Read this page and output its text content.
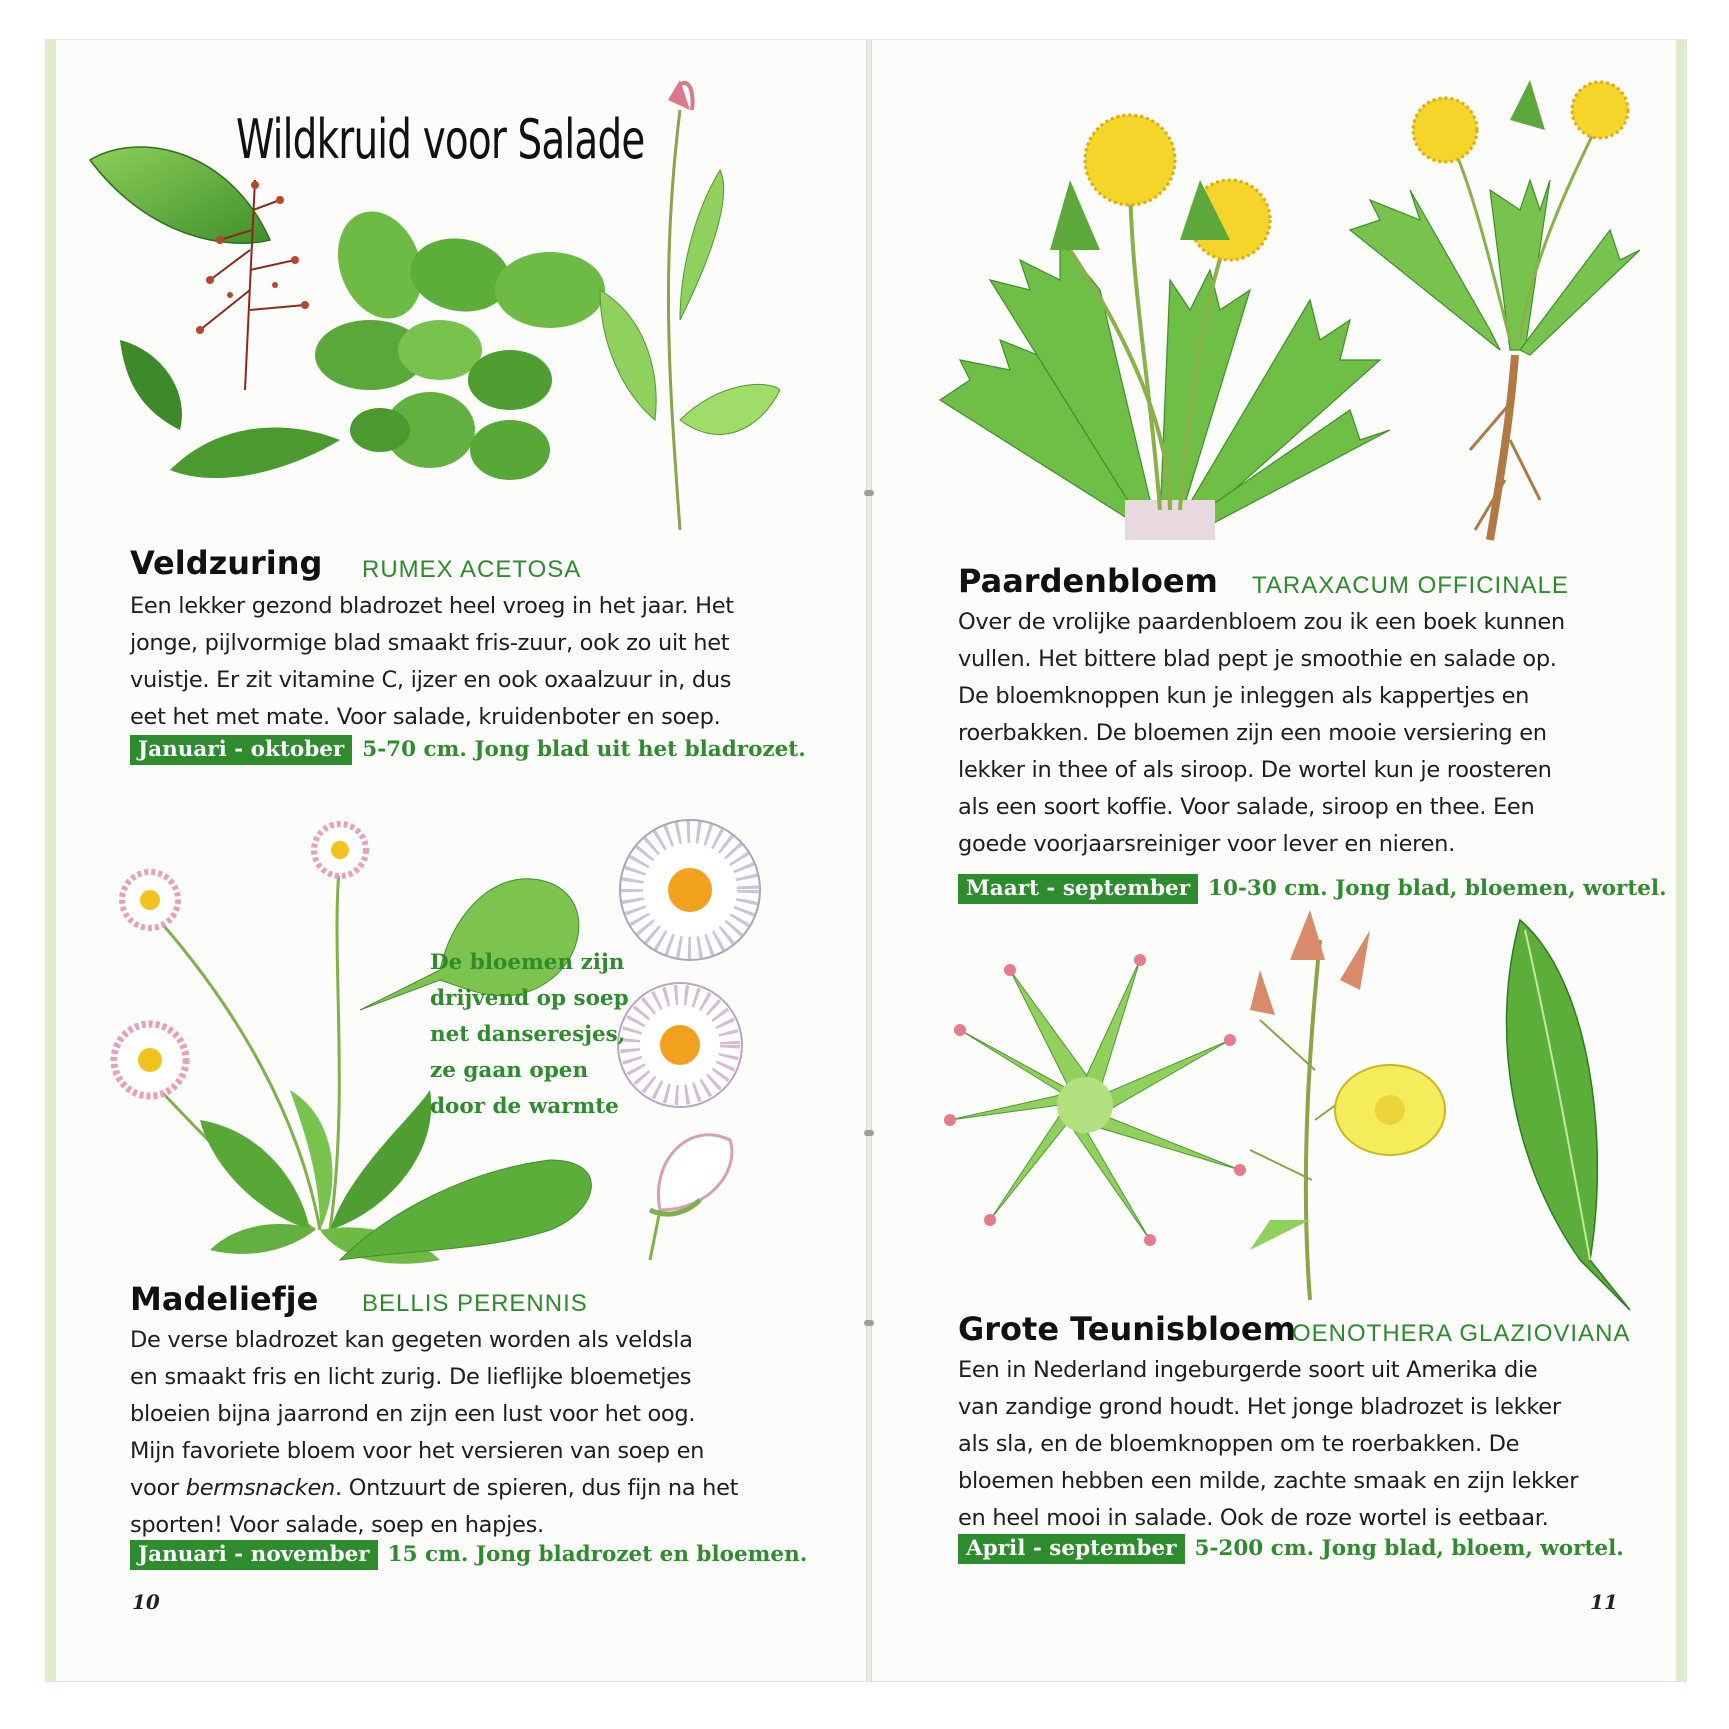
Wildkruid voor Salade
Veldzuring RUMEX ACETOSA

Een lekker gezond bladrozet heel vroeg in het jaar. Het

jonge, pijlvormige blad smaakt fris-zuur, ook zo uit het

vuistje. Er zit vitamine C, ijzer en ook oxaalzuur in, dus

eet het met mate. Voor salade, kruidenboter en soep.

Januari - oktober 5-70 cm. Jong blad uit het bladrozet.

De bloemen zijn

drijvend op soep

net danseresjes,

ze gaan open

door de warmte

Madeliefje BELLIS PERENNIS

De verse bladrozet kan gegeten worden als veldsla

en smaakt fris en licht zurig. De lieflijke bloemetjes

bloeien bijna jaarrond en zijn een lust voor het oog.

Mijn favoriete bloem voor het versieren van soep en

voor bermsnacken. Ontzuurt de spieren, dus fijn na het

sporten! Voor salade, soep en hapjes.

Januari - november 15 cm. Jong bladrozet en bloemen.
10
Paardenbloem TARAXACUM OFFICINALE

Over de vrolijke paardenbloem zou ik een boek kunnen

vullen. Het bittere blad pept je smoothie en salade op.

De bloemknoppen kun je inleggen als kappertjes en

roerbakken. De bloemen zijn een mooie versiering en

lekker in thee of als siroop. De wortel kun je roosteren

als een soort koffie. Voor salade, siroop en thee. Een

goede voorjaarsreiniger voor lever en nieren.

Maart - september 10-30 cm. Jong blad, bloemen, wortel.
Grote Teunisbloem
OENOTHERA GLAZIOVIANA

Een in Nederland ingeburgerde soort uit Amerika die

van zandige grond houdt. Het jonge bladrozet is lekker

als sla, en de bloemknoppen om te roerbakken. De

bloemen hebben een milde, zachte smaak en zijn lekker

en heel mooi in salade. Ook de roze wortel is eetbaar.

April - september 5-200 cm. Jong blad, bloem, wortel.
11
